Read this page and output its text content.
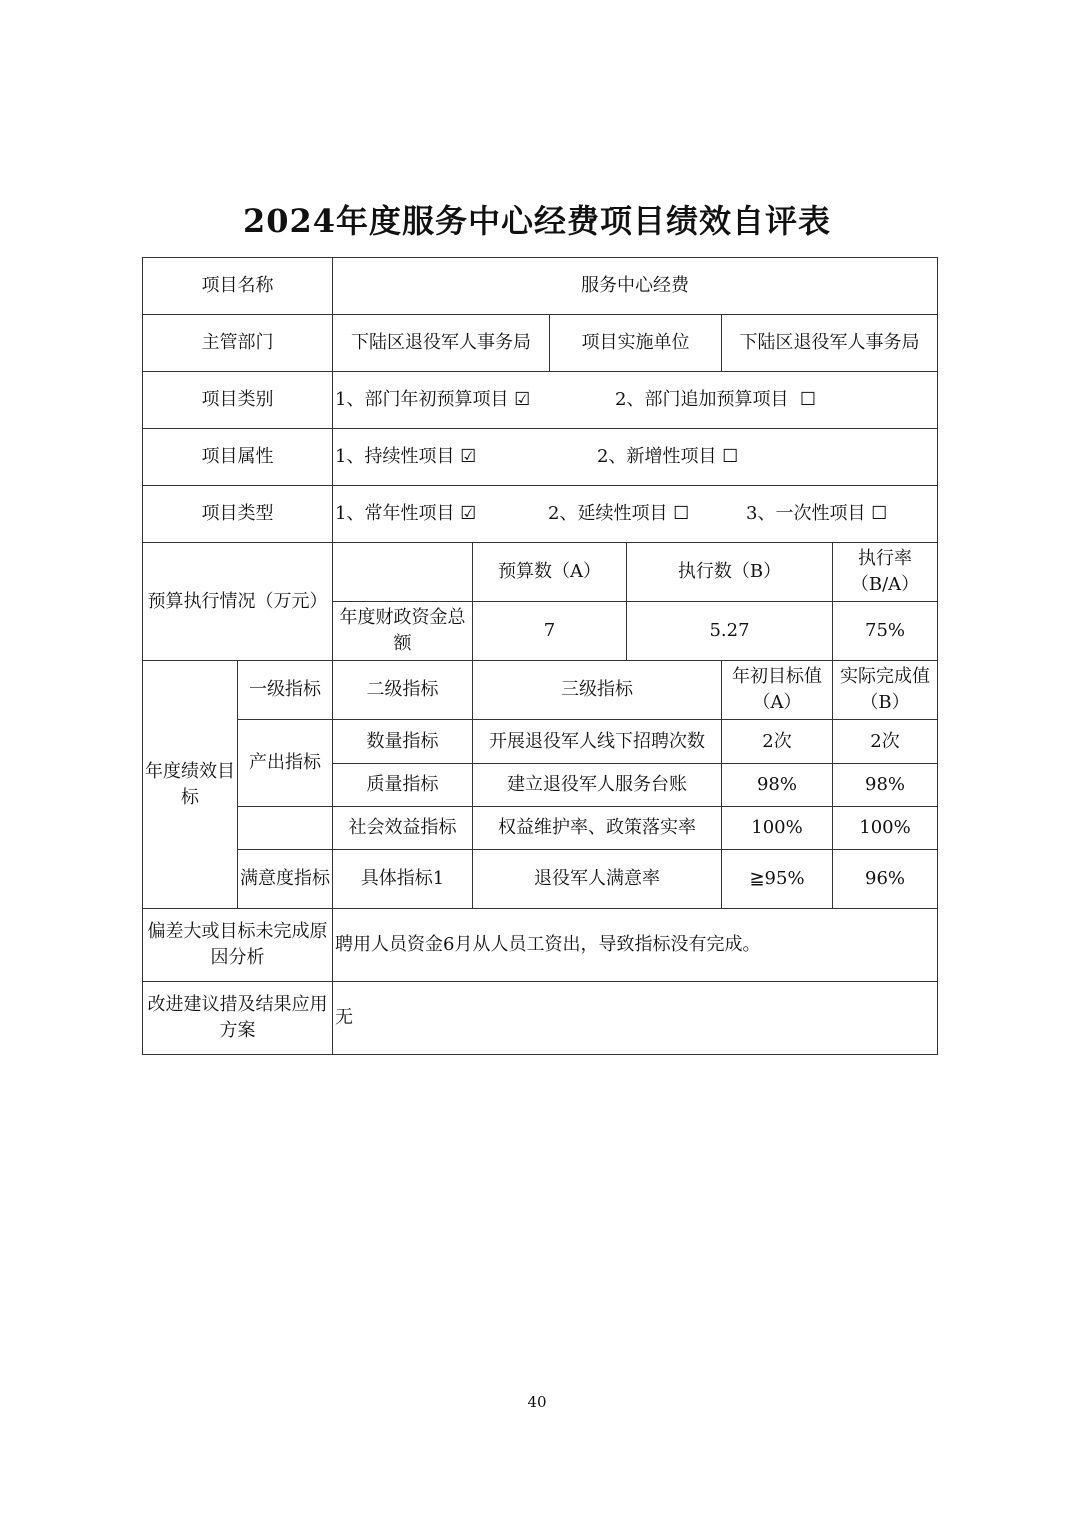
2024年度服务中心经费项目绩效自评表
项目名称		服务中心经费					
主管部门		下陆区退役军人事务局		项目实施单位		下陆区退役军人事务局	
项目类别		1、部门年初预算项目 ☑ 2、部门追加预算项目  ☐					
项目属性		1、持续性项目 ☑ 2、新增性项目 ☐					
项目类型		1、常年性项目 ☑ 2、延续性项目 ☐ 3、一次性项目 ☐					
预算执行情况（万元）			预算数（A）		执行数（B）		执行率（B/A）
		年度财政资金总额	7		5.27		75%
年度绩效目标	一级指标	二级指标	三级指标			年初目标值（A）	实际完成值（B）
	产出指标	数量指标	开展退役军人线下招聘次数			2次	2次
		质量指标	建立退役军人服务台账			98%	98%
		社会效益指标	权益维护率、政策落实率			100%	100%
	满意度指标	具体指标1	退役军人满意率			≧95%	96%

偏差大或目标未完成原因分析		聘用人员资金6月从人员工资出，导致指标没有完成。					
改进建议措及结果应用方案		无					
40
